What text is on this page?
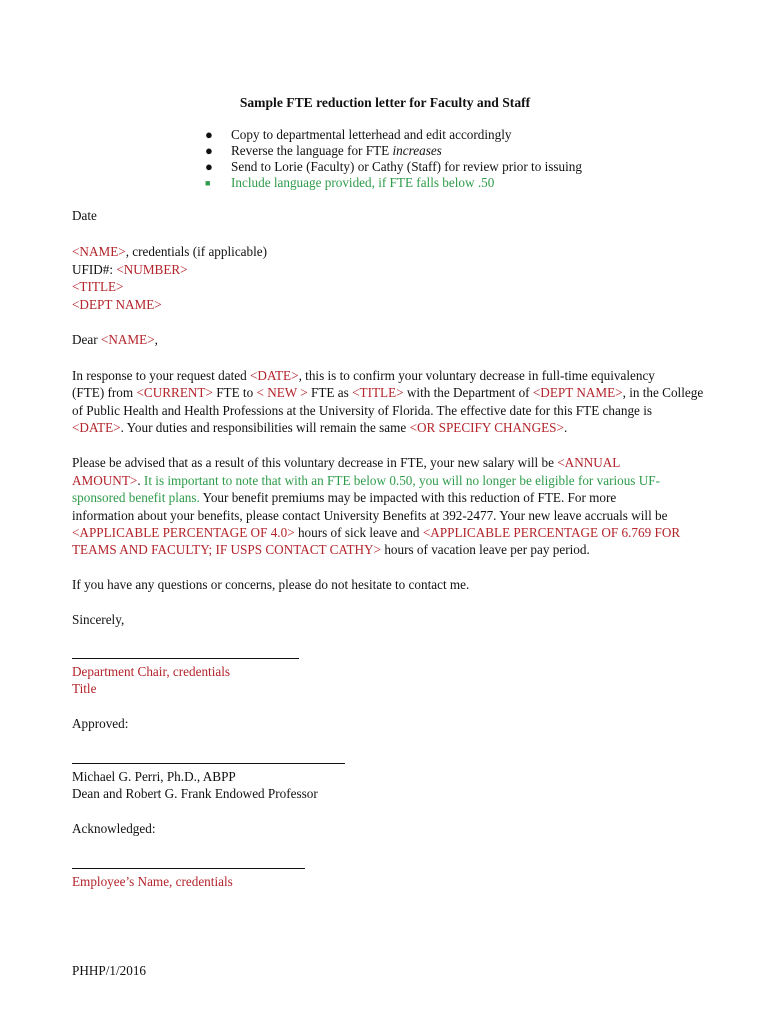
Sample FTE reduction letter for Faculty and Staff
●	Copy to departmental letterhead and edit accordingly
●	Reverse the language for FTE increases
●	Send to Lorie (Faculty) or Cathy (Staff) for review prior to issuing
■	Include language provided, if FTE falls below .50
Date
<NAME>, credentials (if applicable)
UFID#: <NUMBER>
<TITLE>
<DEPT NAME>
Dear <NAME>,
In response to your request dated <DATE>, this is to confirm your voluntary decrease in full-time equivalency
(FTE) from <CURRENT> FTE to < NEW > FTE as <TITLE> with the Department of <DEPT NAME>, in the College
of Public Health and Health Professions at the University of Florida. The effective date for this FTE change is
<DATE>. Your duties and responsibilities will remain the same <OR SPECIFY CHANGES>.
Please be advised that as a result of this voluntary decrease in FTE, your new salary will be <ANNUAL
AMOUNT>. It is important to note that with an FTE below 0.50, you will no longer be eligible for various UF-
sponsored benefit plans. Your benefit premiums may be impacted with this reduction of FTE. For more
information about your benefits, please contact University Benefits at 392-2477. Your new leave accruals will be
<APPLICABLE PERCENTAGE OF 4.0> hours of sick leave and <APPLICABLE PERCENTAGE OF 6.769 FOR
TEAMS AND FACULTY; IF USPS CONTACT CATHY> hours of vacation leave per pay period.
If you have any questions or concerns, please do not hesitate to contact me.
Sincerely,
Department Chair, credentials
Title
Approved:
Michael G. Perri, Ph.D., ABPP
Dean and Robert G. Frank Endowed Professor
Acknowledged:
Employee’s Name, credentials
PHHP/1/2016
